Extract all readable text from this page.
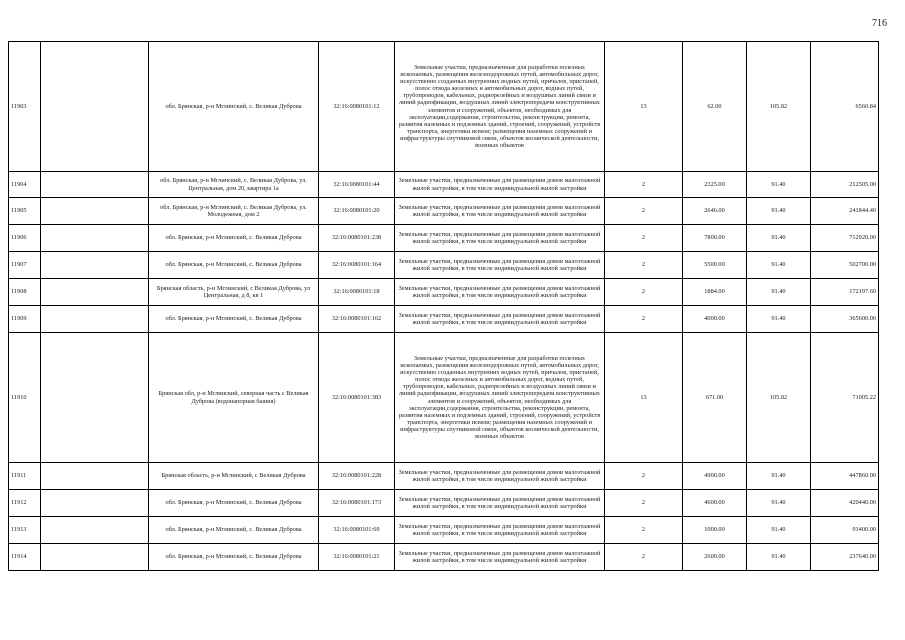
716
11903		обл. Брянская, р-н Мглинский, с. Великая Дуброва	32:16:0080101:12	Земельные участки, предназначенные для разработки полезных ископаемых, размещения железнодорожных путей, автомобильных дорог, искусственно созданных внутренних водных путей, причалов, пристаней, полос отвода железных и автомобильных дорог, водных путей, трубопроводов, кабельных, радиорелейных и воздушных линий связи и линий радиофикации, воздушных линий электропередачи конструктивных элементов и сооружений, объектов, необходимых для эксплуатации,содержания, строительства, реконструкции, ремонта, развития наземных и подземных зданий, строений, сооружений, устройств транспорта, энергетики исвязи; размещения наземных сооружений и инфраструктуры спутниковой связи, объектов космической деятельности, военных объектов	13	62.00	105.82	6560.84
11904		обл. Брянская, р-н Мглинский, с. Великая Дуброва, ул. Центральная, дом 20, квартира 1а	32:16:0080101:44	Земельные участки, предназначенные для размещения домов малоэтажной жилой застройки, в том числе индивидуальной жилой застройки	2	2325.00	91.40	212505.00
11905		обл. Брянская, р-н Мглинский, с. Великая Дуброва, ул. Молодежная, дом 2	32:16:0080101:20	Земельные участки, предназначенные для размещения домов малоэтажной жилой застройки, в том числе индивидуальной жилой застройки	2	2646.00	91.40	241844.40
11906		обл. Брянская, р-н Мглинский, с. Великая Дуброва	32:16:0080101:238	Земельные участки, предназначенные для размещения домов малоэтажной жилой застройки, в том числе индивидуальной жилой застройки	2	7800.00	91.40	712920.00
11907		обл. Брянская, р-н Мглинский, с. Великая Дуброва	32:16:0080101:164	Земельные участки, предназначенные для размещения домов малоэтажной жилой застройки, в том числе индивидуальной жилой застройки	2	5500.00	91.40	502700.00
11908		Брянская область, р-н Мглинский, с Великая Дуброва, ул Центральная, д 8, кв 1	32:16:0080101:18	Земельные участки, предназначенные для размещения домов малоэтажной жилой застройки, в том числе индивидуальной жилой застройки	2	1884.00	91.40	172197.60
11909		обл. Брянская, р-н Мглинский, с. Великая Дуброва	32:16:0080101:162	Земельные участки, предназначенные для размещения домов малоэтажной жилой застройки, в том числе индивидуальной жилой застройки	2	4000.00	91.40	365600.00
11910		Брянская обл, р-н Мглинский, северная часть с Великая Дуброва (водонапорная башня)	32:16:0080101:383	Земельные участки, предназначенные для разработки полезных ископаемых, размещения железнодорожных путей, автомобильных дорог, искусственно созданных внутренних водных путей, причалов, пристаней, полос отвода железных и автомобильных дорог, водных путей, трубопроводов, кабельных, радиорелейных и воздушных линий связи и линий радиофикации, воздушных линий электропередачи конструктивных элементов и сооружений, объектов, необходимых для эксплуатации,содержания, строительства, реконструкции, ремонта, развития наземных и подземных зданий, строений, сооружений, устройств транспорта, энергетики исвязи; размещения наземных сооружений и инфраструктуры спутниковой связи, объектов космической деятельности, военных объектов	13	671.00	105.82	71005.22
11911		Брянская область, р-н Мглинский, с Великая Дуброва	32:16:0080101:228	Земельные участки, предназначенные для размещения домов малоэтажной жилой застройки, в том числе индивидуальной жилой застройки	2	4900.00	91.40	447860.00
11912		обл. Брянская, р-н Мглинский, с. Великая Дуброва	32:16:0080101:173	Земельные участки, предназначенные для размещения домов малоэтажной жилой застройки, в том числе индивидуальной жилой застройки	2	4600.00	91.40	420440.00
11913		обл. Брянская, р-н Мглинский, с. Великая Дуброва	32:16:0080101:69	Земельные участки, предназначенные для размещения домов малоэтажной жилой застройки, в том числе индивидуальной жилой застройки	2	1000.00	91.40	91400.00
11914		обл. Брянская, р-н Мглинский, с. Великая Дуброва	32:16:0080101:21	Земельные участки, предназначенные для размещения домов малоэтажной жилой застройки, в том числе индивидуальной жилой застройки	2	2600.00	91.40	237640.00
